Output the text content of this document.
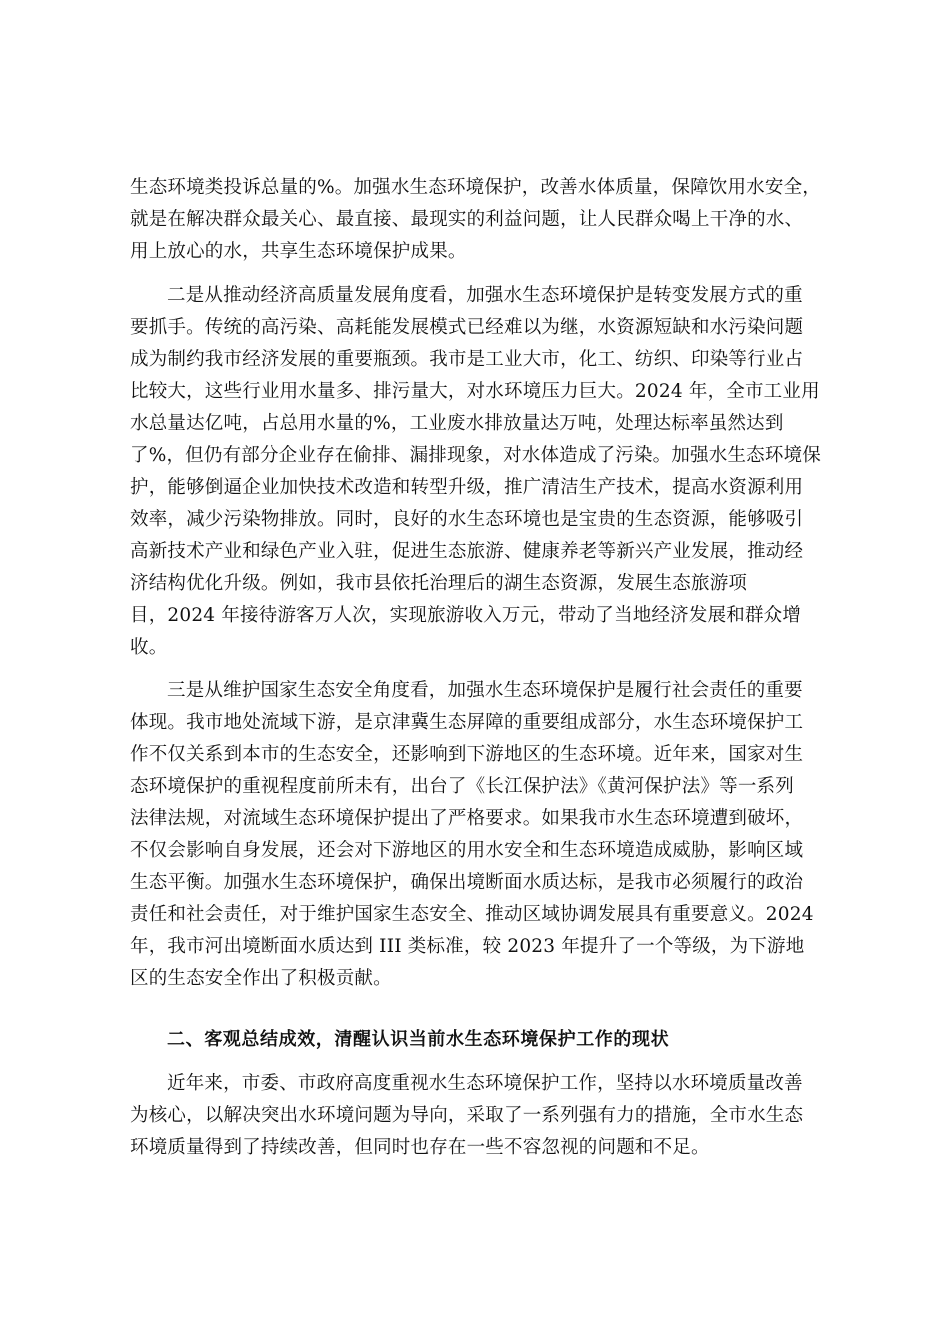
生态环境类投诉总量的%。加强水生态环境保护，改善水体质量，保障饮用水安全，
就是在解决群众最关心、最直接、最现实的利益问题，让人民群众喝上干净的水、
用上放心的水，共享生态环境保护成果。
二是从推动经济高质量发展角度看，加强水生态环境保护是转变发展方式的重
要抓手。传统的高污染、高耗能发展模式已经难以为继，水资源短缺和水污染问题
成为制约我市经济发展的重要瓶颈。我市是工业大市，化工、纺织、印染等行业占
比较大，这些行业用水量多、排污量大，对水环境压力巨大。2024 年，全市工业用
水总量达亿吨，占总用水量的%，工业废水排放量达万吨，处理达标率虽然达到
了%，但仍有部分企业存在偷排、漏排现象，对水体造成了污染。加强水生态环境保
护，能够倒逼企业加快技术改造和转型升级，推广清洁生产技术，提高水资源利用
效率，减少污染物排放。同时，良好的水生态环境也是宝贵的生态资源，能够吸引
高新技术产业和绿色产业入驻，促进生态旅游、健康养老等新兴产业发展，推动经
济结构优化升级。例如，我市县依托治理后的湖生态资源，发展生态旅游项
目，2024 年接待游客万人次，实现旅游收入万元，带动了当地经济发展和群众增
收。
三是从维护国家生态安全角度看，加强水生态环境保护是履行社会责任的重要
体现。我市地处流域下游，是京津冀生态屏障的重要组成部分，水生态环境保护工
作不仅关系到本市的生态安全，还影响到下游地区的生态环境。近年来，国家对生
态环境保护的重视程度前所未有，出台了《长江保护法》《黄河保护法》等一系列
法律法规，对流域生态环境保护提出了严格要求。如果我市水生态环境遭到破坏，
不仅会影响自身发展，还会对下游地区的用水安全和生态环境造成威胁，影响区域
生态平衡。加强水生态环境保护，确保出境断面水质达标，是我市必须履行的政治
责任和社会责任，对于维护国家生态安全、推动区域协调发展具有重要意义。2024
年，我市河出境断面水质达到 III 类标准，较 2023 年提升了一个等级，为下游地
区的生态安全作出了积极贡献。
二、客观总结成效，清醒认识当前水生态环境保护工作的现状
近年来，市委、市政府高度重视水生态环境保护工作，坚持以水环境质量改善
为核心，以解决突出水环境问题为导向，采取了一系列强有力的措施，全市水生态
环境质量得到了持续改善，但同时也存在一些不容忽视的问题和不足。
